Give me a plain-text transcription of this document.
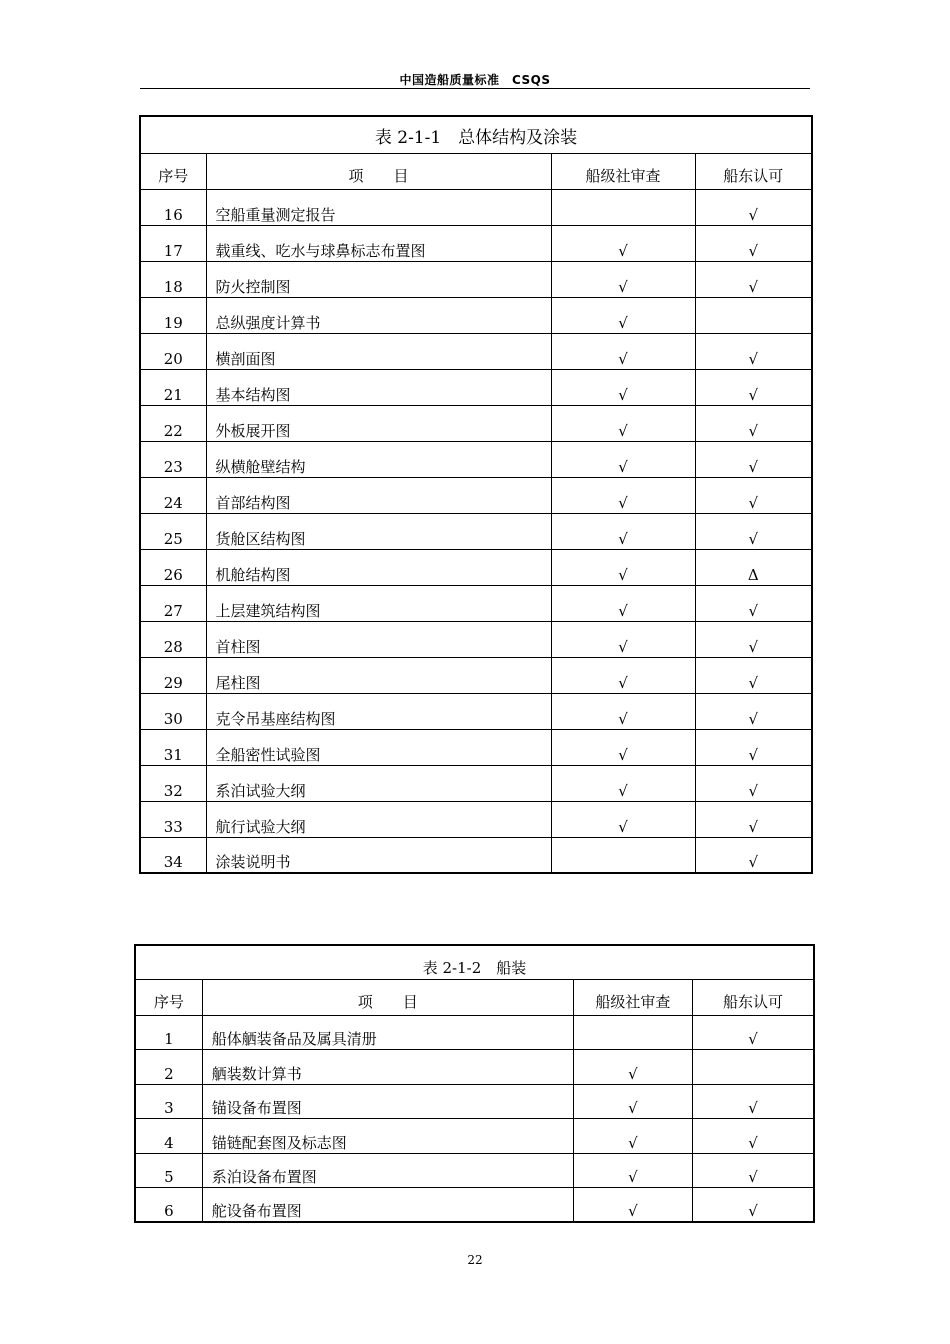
中国造船质量标准　CSQS
表 2-1-1　总体结构及涂装			
序号	项　　目	船级社审查	船东认可
16	空船重量测定报告		√
17	载重线、吃水与球鼻标志布置图	√	√
18	防火控制图	√	√
19	总纵强度计算书	√	
20	横剖面图	√	√
21	基本结构图	√	√
22	外板展开图	√	√
23	纵横舱壁结构	√	√
24	首部结构图	√	√
25	货舱区结构图	√	√
26	机舱结构图	√	Δ
27	上层建筑结构图	√	√
28	首柱图	√	√
29	尾柱图	√	√
30	克令吊基座结构图	√	√
31	全船密性试验图	√	√
32	系泊试验大纲	√	√
33	航行试验大纲	√	√
34	涂装说明书		√
表 2-1-2　船装			
序号	项　　目	船级社审查	船东认可
1	船体舾装备品及属具清册		√
2	舾装数计算书	√	
3	锚设备布置图	√	√
4	锚链配套图及标志图	√	√
5	系泊设备布置图	√	√
6	舵设备布置图	√	√
22
